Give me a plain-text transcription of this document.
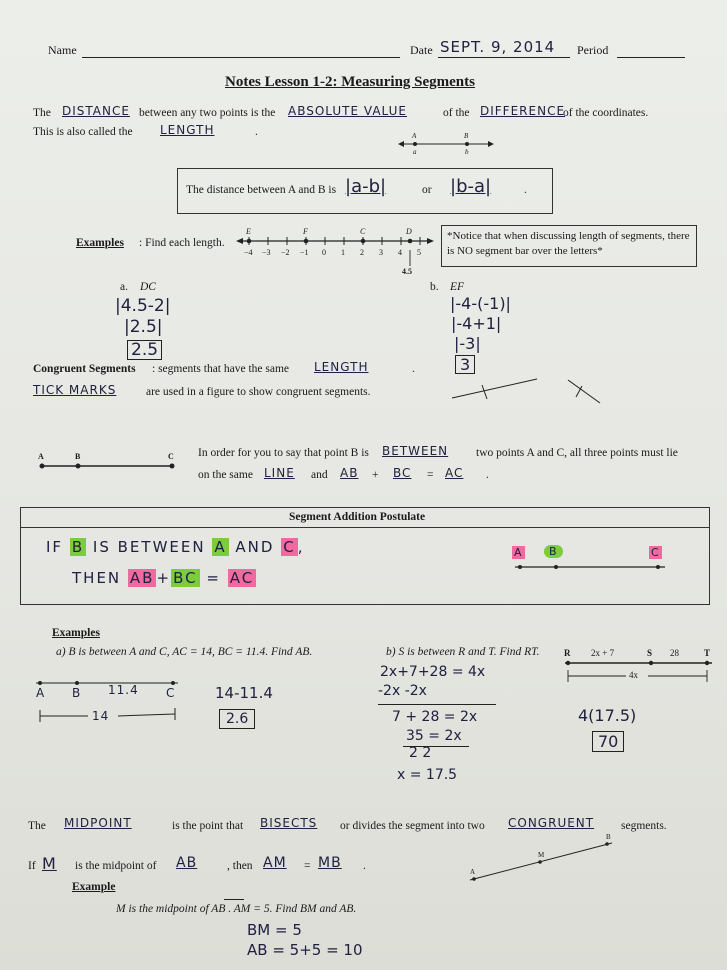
Name	Date SEPT. 9, 2014 Period
Notes Lesson 1-2: Measuring Segments
The DISTANCE between any two points is the ABSOLUTE VALUE	of the DIFFERENCE
of the coordinates.
This is also called the LENGTH	.	A	B
a	b
The distance between A and B is |a-b|	or |b-a|	.
Examples : Find each length.
−4 −3 −2 −1 0 1 2 3 4 5
E	F	C	D
4.5
*Notice that when discussing length of segments, there is NO segment bar over the letters*
a. DC
|4.5-2|
|2.5|
2.5
b. EF
|-4-(-1)|
|-4+1|
|-3|
3
Congruent Segments : segments that have the same LENGTH	.
TICK MARKS	are used in a figure to show congruent segments.
A	B	C In order for you to say that point B is BETWEEN two points A and C, all three points must lie
on the same LINE and AB + BC = AC .
Segment Addition Postulate
IF B IS BETWEEN A AND C ,
THEN AB + BC = AC
A	B	C
Examples
a) B is between A and C, AC = 14, BC = 11.4. Find AB.
A B 11.4 C
14
14-11.4
2.6
b) S is between R and T. Find RT.	R 2x + 7	S 28	T
4x
2x+7+28 = 4x
-2x -2x
7 + 28 = 2x
35 = 2x
2 2
x = 17.5
4(17.5)
70
The MIDPOINT	is the point that BISECTS or divides the segment into two CONGRUENT segments.
If M is the midpoint of AB	, then AM = MB .	A
M
B
Example
M is the midpoint of AB . AM = 5. Find BM and AB.
BM = 5
AB = 5+5 = 10
